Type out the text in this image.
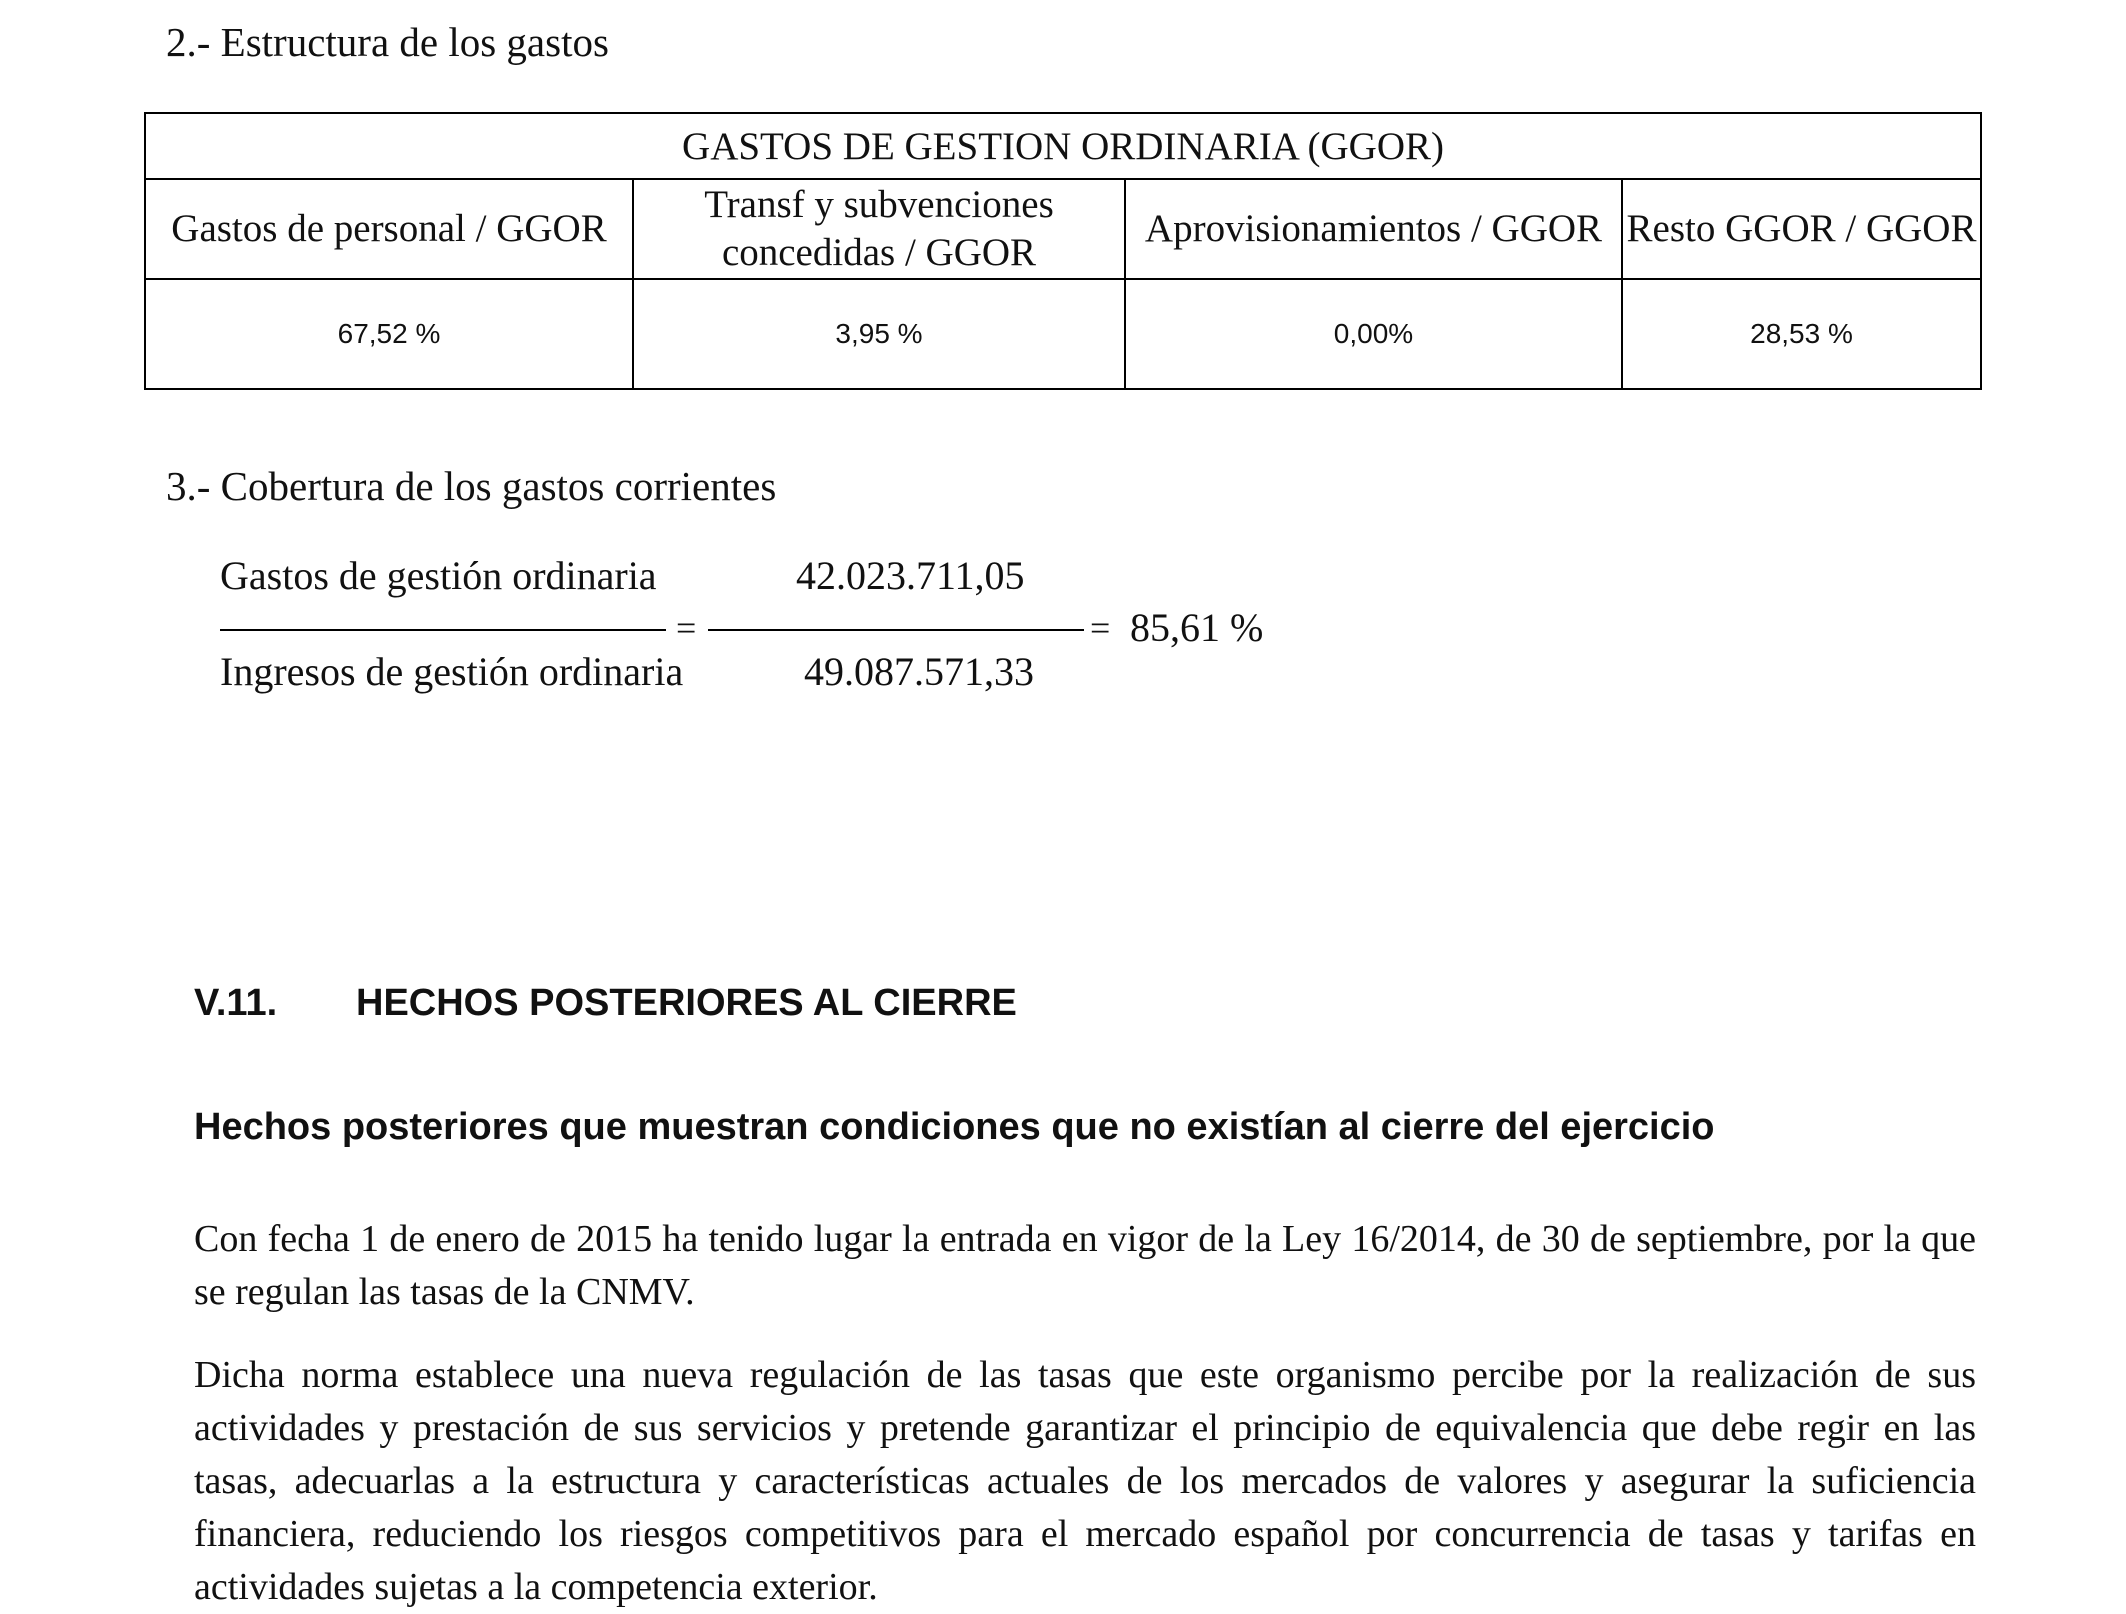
2.- Estructura de los gastos
GASTOS DE GESTION ORDINARIA (GGOR)			
Gastos de personal / GGOR	Transf y subvenciones concedidas / GGOR	Aprovisionamientos / GGOR	Resto GGOR / GGOR
67,52 %	3,95 %	0,00%	28,53 %
3.- Cobertura de los gastos corrientes
Gastos de gestión ordinaria	42.023.711,05
=	= 85,61 %
Ingresos de gestión ordinaria	49.087.571,33
V.11. HECHOS POSTERIORES AL CIERRE
Hechos posteriores que muestran condiciones que no existían al cierre del ejercicio

Con fecha 1 de enero de 2015 ha tenido lugar la entrada en vigor de la Ley 16/2014, de 30 de septiembre, por la que se regulan las tasas de la CNMV.

Dicha norma establece una nueva regulación de las tasas que este organismo percibe por la realización de sus actividades y prestación de sus servicios y pretende garantizar el principio de equivalencia que debe regir en las tasas, adecuarlas a la estructura y características actuales de los mercados de valores y asegurar la suficiencia financiera, reduciendo los riesgos competitivos para el mercado español por concurrencia de tasas y tarifas en actividades sujetas a la competencia exterior.
